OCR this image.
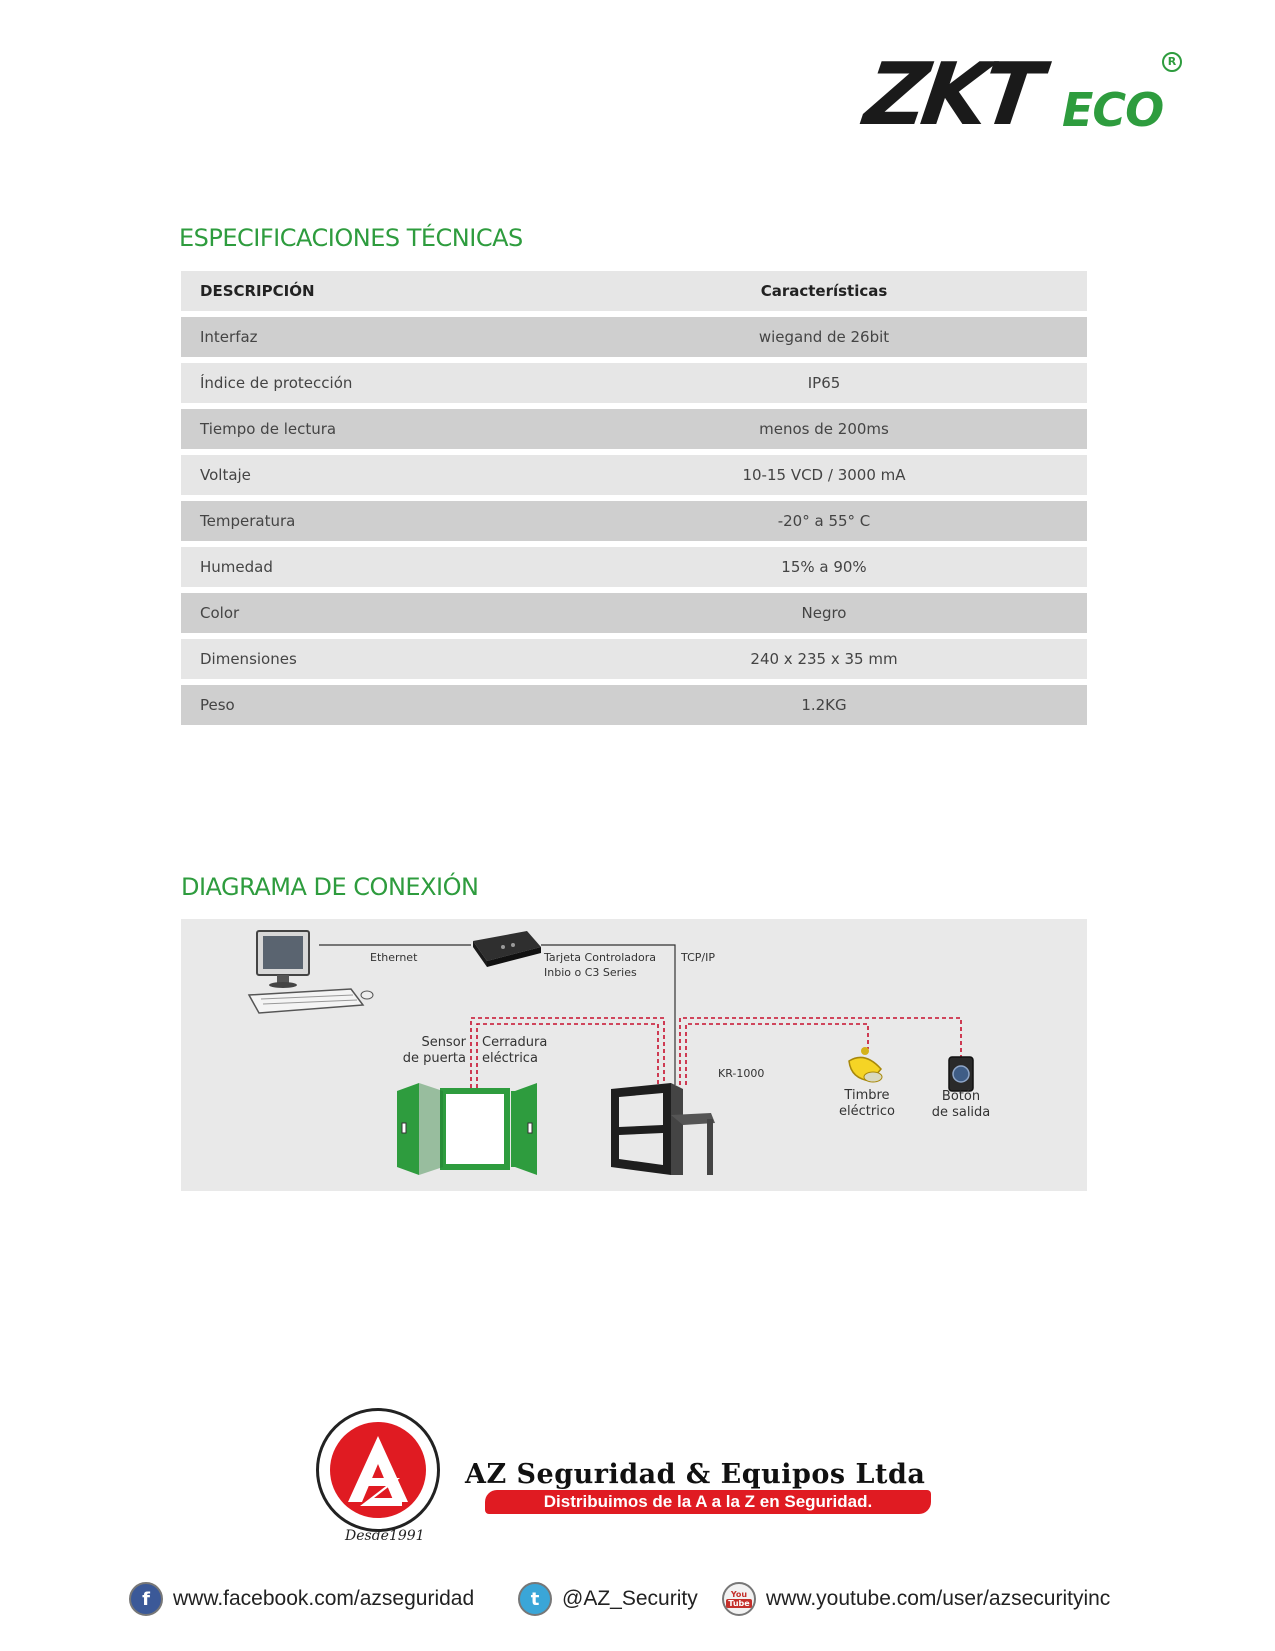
ZKT ECO
R
ESPECIFICACIONES TÉCNICAS
DESCRIPCIÓN	Características
Interfaz	wiegand de 26bit
Índice de protección	IP65
Tiempo de lectura	menos de 200ms
Voltaje	10-15 VCD / 3000 mA
Temperatura	-20° a 55° C
Humedad	15% a 90%
Color	Negro
Dimensiones	240 x 235 x 35 mm
Peso	1.2KG
DIAGRAMA DE CONEXIÓN
Ethernet	Tarjeta Controladora
Inbio o C3 Series
TCP/IP
Sensor
de puerta
Cerradura
eléctrica
KR-1000
Timbre
eléctrico
Botón
de salida
Desde1991
AZ Seguridad & Equipos Ltda
Distribuimos de la A a la Z en Seguridad.
f	www.facebook.com/azseguridad	t	@AZ_Security	You
Tube www.youtube.com/user/azsecurityinc
